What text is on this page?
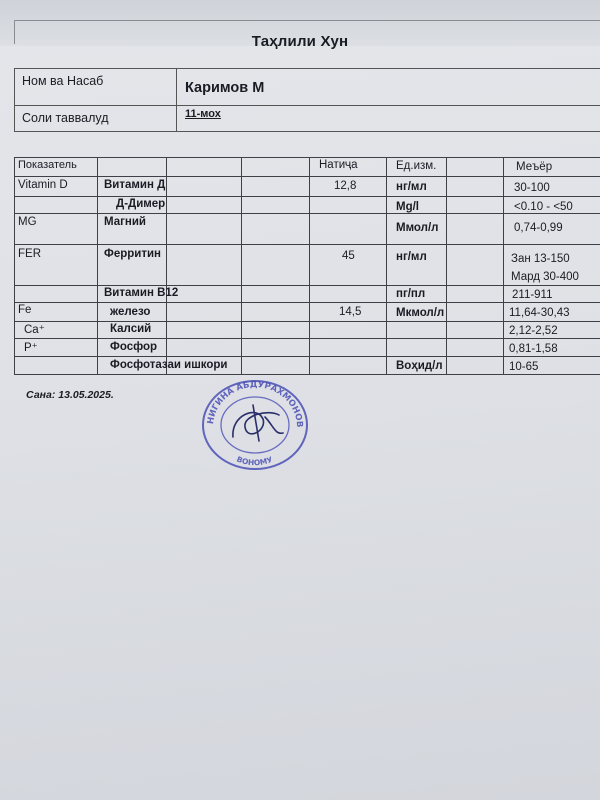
Таҳлили Хун
Ном ва Насаб	Каримов М
Соли таввалуд	11-мох
Показатель	Натиҷа	Ед.изм.	Меъёр
Vitamin D	Витамин Д	12,8	нг/мл	30-100
Д-Димер	Mg/l	<0.10 - <50
MG	Магний	Ммол/л	0,74-0,99
FER	Ферритин	45	нг/мл	Зан 13-150
Мард 30-400
Витамин B12	пг/пл	211-911
Fe	железо	14,5	Мкмол/л	11,64-30,43
Ca⁺	Калсий	2,12-2,52
P⁺	Фосфор	0,81-1,58
Фосфотазаи ишкори	Воҳид/л	10-65
Сана: 13.05.2025.
НИГИНА АБДУРАХМОНОВ
ВОНОМУ
